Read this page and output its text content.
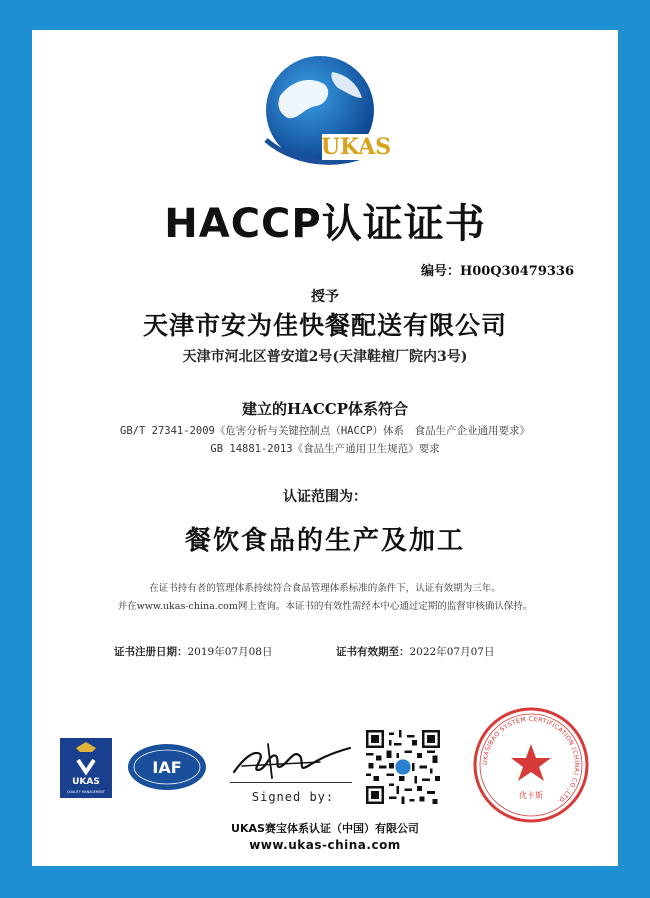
UKAS
HACCP认证证书
编号：H00Q30479336
授予
天津市安为佳快餐配送有限公司
天津市河北区普安道2号(天津鞋楦厂院内3号)
建立的HACCP体系符合
GB/T 27341-2009《危害分析与关键控制点（HACCP）体系　食品生产企业通用要求》
GB 14881-2013《食品生产通用卫生规范》要求
认证范围为：
餐饮食品的生产及加工
在证书持有者的管理体系持续符合食品管理体系标准的条件下，认证有效期为三年。
并在www.ukas-china.com网上查询。本证书的有效性需经本中心通过定期的监督审核确认保持。
证书注册日期：2019年07月08日	证书有效期至：2022年07月07日
UKAS
QUALITY MANAGEMENT
IAF
Signed by:
UKASIBAO SYSTEM CERTIFICATION (CHINA) CO.,LTD.
优卡斯
UKAS赛宝体系认证（中国）有限公司
www.ukas-china.com
